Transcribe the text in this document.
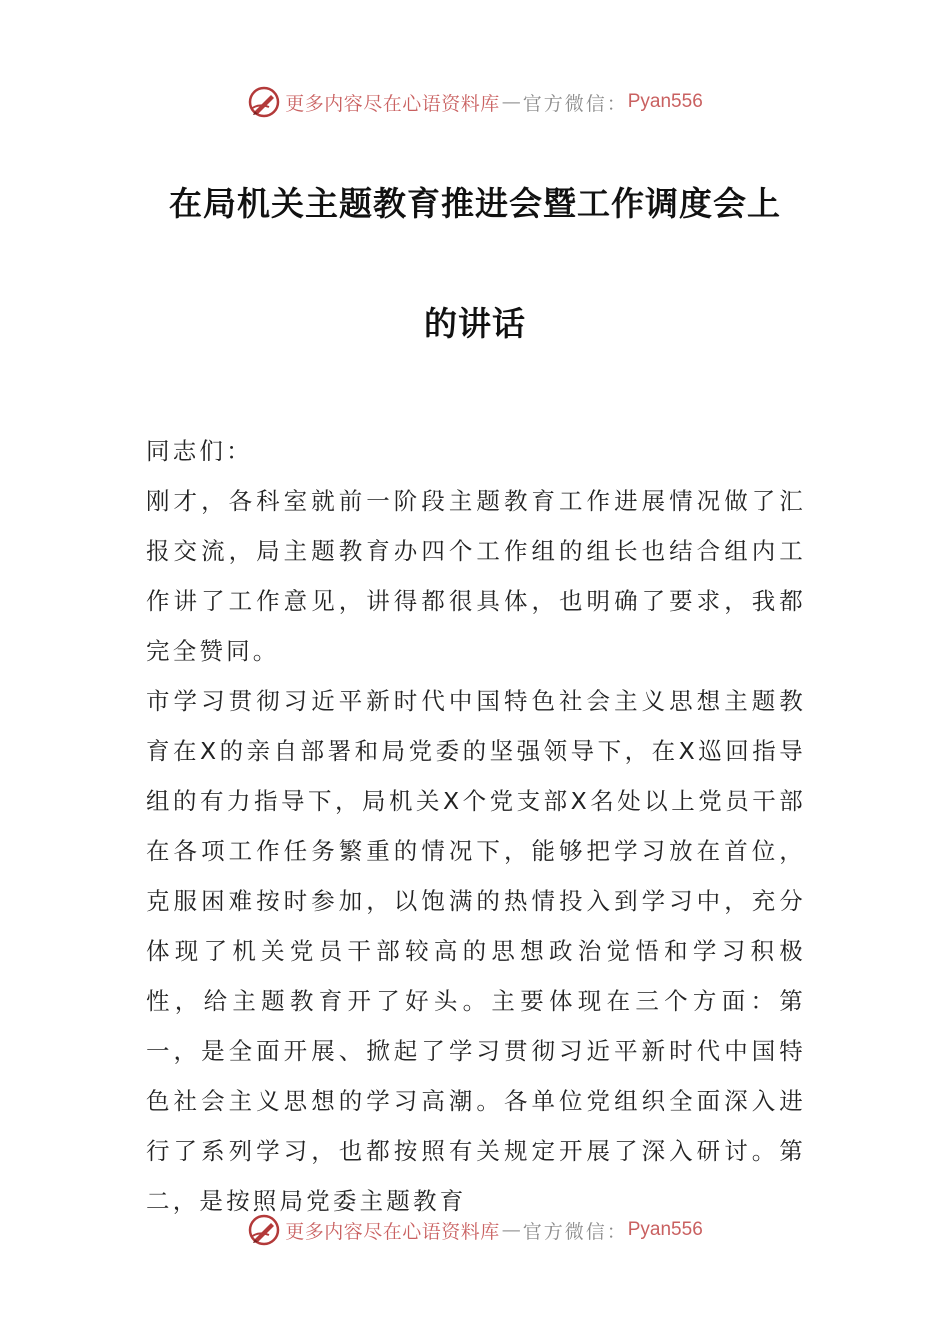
更多内容尽在心语资料库 — 官方微信： Pyan556
在局机关主题教育推进会暨工作调度会上
的讲话

同志们：

刚才，各科室就前一阶段主题教育工作进展情况做了汇报交流，局主题教育办四个工作组的组长也结合组内工作讲了工作意见，讲得都很具体，也明确了要求，我都完全赞同。

市学习贯彻习近平新时代中国特色社会主义思想主题教育在X的亲自部署和局党委的坚强领导下，在X巡回指导组的有力指导下，局机关X个党支部X名处以上党员干部在各项工作任务繁重的情况下，能够把学习放在首位，克服困难按时参加，以饱满的热情投入到学习中，充分体现了机关党员干部较高的思想政治觉悟和学习积极性，给主题教育开了好头。主要体现在三个方面：第一，是全面开展、掀起了学习贯彻习近平新时代中国特色社会主义思想的学习高潮。各单位党组织全面深入进行了系列学习，也都按照有关规定开展了深入研讨。第二，是按照局党委主题教育

更多内容尽在心语资料库 — 官方微信： Pyan556
